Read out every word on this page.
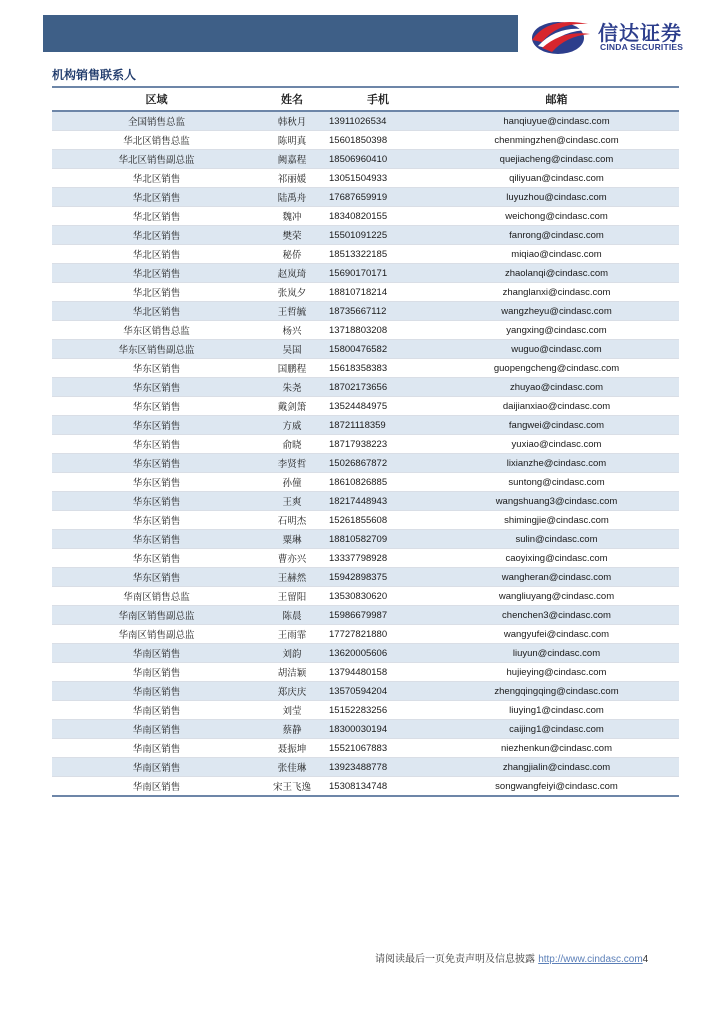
信达证券
CINDA SECURITIES
机构销售联系人
区域	姓名	手机	邮箱
全国销售总监	韩秋月	13911026534	hanqiuyue@cindasc.com
华北区销售总监	陈明真	15601850398	chenmingzhen@cindasc.com
华北区销售副总监	阙嘉程	18506960410	quejiacheng@cindasc.com
华北区销售	祁丽媛	13051504933	qiliyuan@cindasc.com
华北区销售	陆禹舟	17687659919	luyuzhou@cindasc.com
华北区销售	魏冲	18340820155	weichong@cindasc.com
华北区销售	樊荣	15501091225	fanrong@cindasc.com
华北区销售	秘侨	18513322185	miqiao@cindasc.com
华北区销售	赵岚琦	15690170171	zhaolanqi@cindasc.com
华北区销售	张岚夕	18810718214	zhanglanxi@cindasc.com
华北区销售	王哲毓	18735667112	wangzheyu@cindasc.com
华东区销售总监	杨兴	13718803208	yangxing@cindasc.com
华东区销售副总监	吴国	15800476582	wuguo@cindasc.com
华东区销售	国鹏程	15618358383	guopengcheng@cindasc.com
华东区销售	朱尧	18702173656	zhuyao@cindasc.com
华东区销售	戴剑箫	13524484975	daijianxiao@cindasc.com
华东区销售	方威	18721118359	fangwei@cindasc.com
华东区销售	俞晓	18717938223	yuxiao@cindasc.com
华东区销售	李贤哲	15026867872	lixianzhe@cindasc.com
华东区销售	孙僮	18610826885	suntong@cindasc.com
华东区销售	王爽	18217448943	wangshuang3@cindasc.com
华东区销售	石明杰	15261855608	shimingjie@cindasc.com
华东区销售	粟琳	18810582709	sulin@cindasc.com
华东区销售	曹亦兴	13337798928	caoyixing@cindasc.com
华东区销售	王赫然	15942898375	wangheran@cindasc.com
华南区销售总监	王留阳	13530830620	wangliuyang@cindasc.com
华南区销售副总监	陈晨	15986679987	chenchen3@cindasc.com
华南区销售副总监	王雨霏	17727821880	wangyufei@cindasc.com
华南区销售	刘韵	13620005606	liuyun@cindasc.com
华南区销售	胡洁颖	13794480158	hujieying@cindasc.com
华南区销售	郑庆庆	13570594204	zhengqingqing@cindasc.com
华南区销售	刘莹	15152283256	liuying1@cindasc.com
华南区销售	蔡静	18300030194	caijing1@cindasc.com
华南区销售	聂振坤	15521067883	niezhenkun@cindasc.com
华南区销售	张佳琳	13923488778	zhangjialin@cindasc.com
华南区销售	宋王飞逸	15308134748	songwangfeiyi@cindasc.com
请阅读最后一页免责声明及信息披露 http://www.cindasc.com4
